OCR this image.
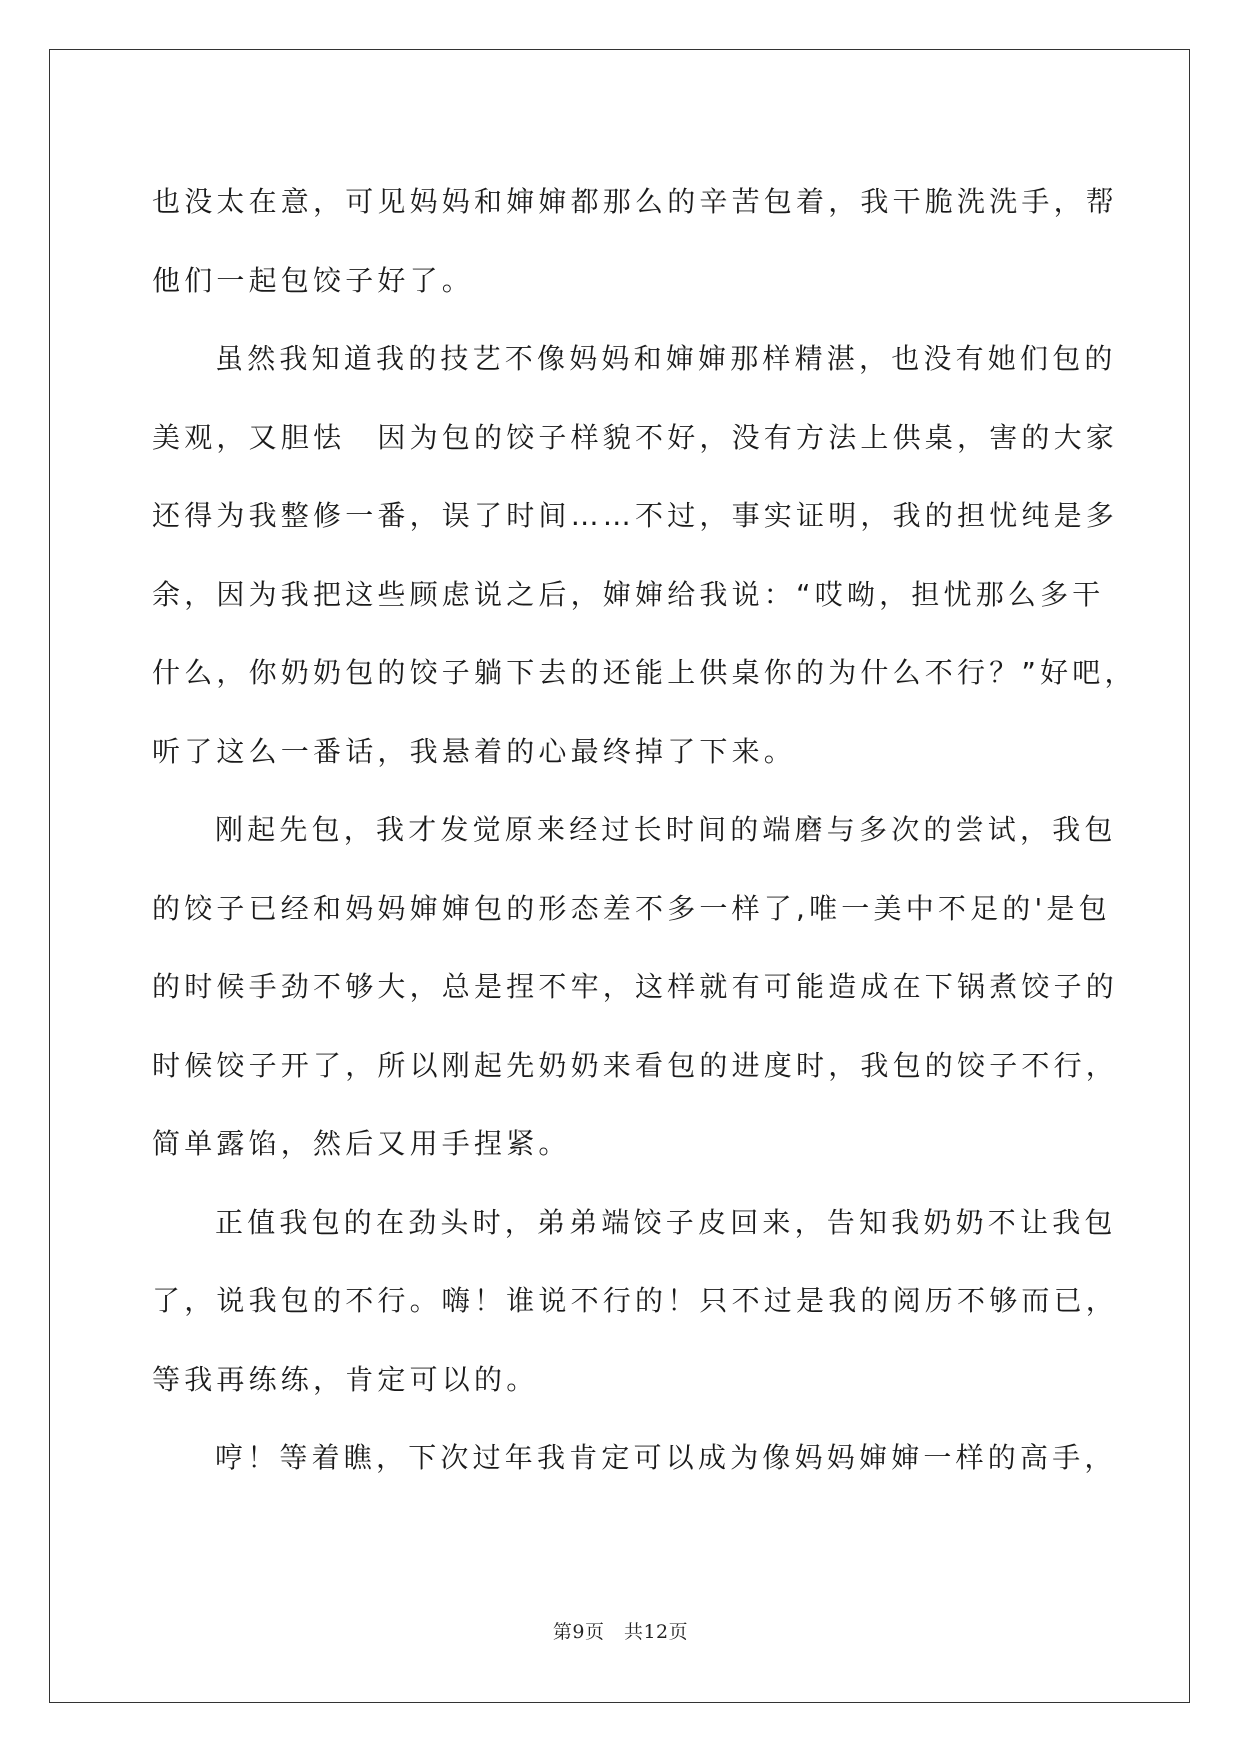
也没太在意，可见妈妈和婶婶都那么的辛苦包着，我干脆洗洗手，帮
他们一起包饺子好了。
虽然我知道我的技艺不像妈妈和婶婶那样精湛，也没有她们包的
美观，又胆怯　因为包的饺子样貌不好，没有方法上供桌，害的大家
还得为我整修一番，误了时间……不过，事实证明，我的担忧纯是多
余，因为我把这些顾虑说之后，婶婶给我说：“哎呦，担忧那么多干
什么，你奶奶包的饺子躺下去的还能上供桌你的为什么不行？”好吧，
听了这么一番话，我悬着的心最终掉了下来。
刚起先包，我才发觉原来经过长时间的端磨与多次的尝试，我包
的饺子已经和妈妈婶婶包的形态差不多一样了,唯一美中不足的'是包
的时候手劲不够大，总是捏不牢，这样就有可能造成在下锅煮饺子的
时候饺子开了，所以刚起先奶奶来看包的进度时，我包的饺子不行，
简单露馅，然后又用手捏紧。
正值我包的在劲头时，弟弟端饺子皮回来，告知我奶奶不让我包
了，说我包的不行。嗨！谁说不行的！只不过是我的阅历不够而已，
等我再练练，肯定可以的。
哼！等着瞧，下次过年我肯定可以成为像妈妈婶婶一样的高手，
第9页　共12页
